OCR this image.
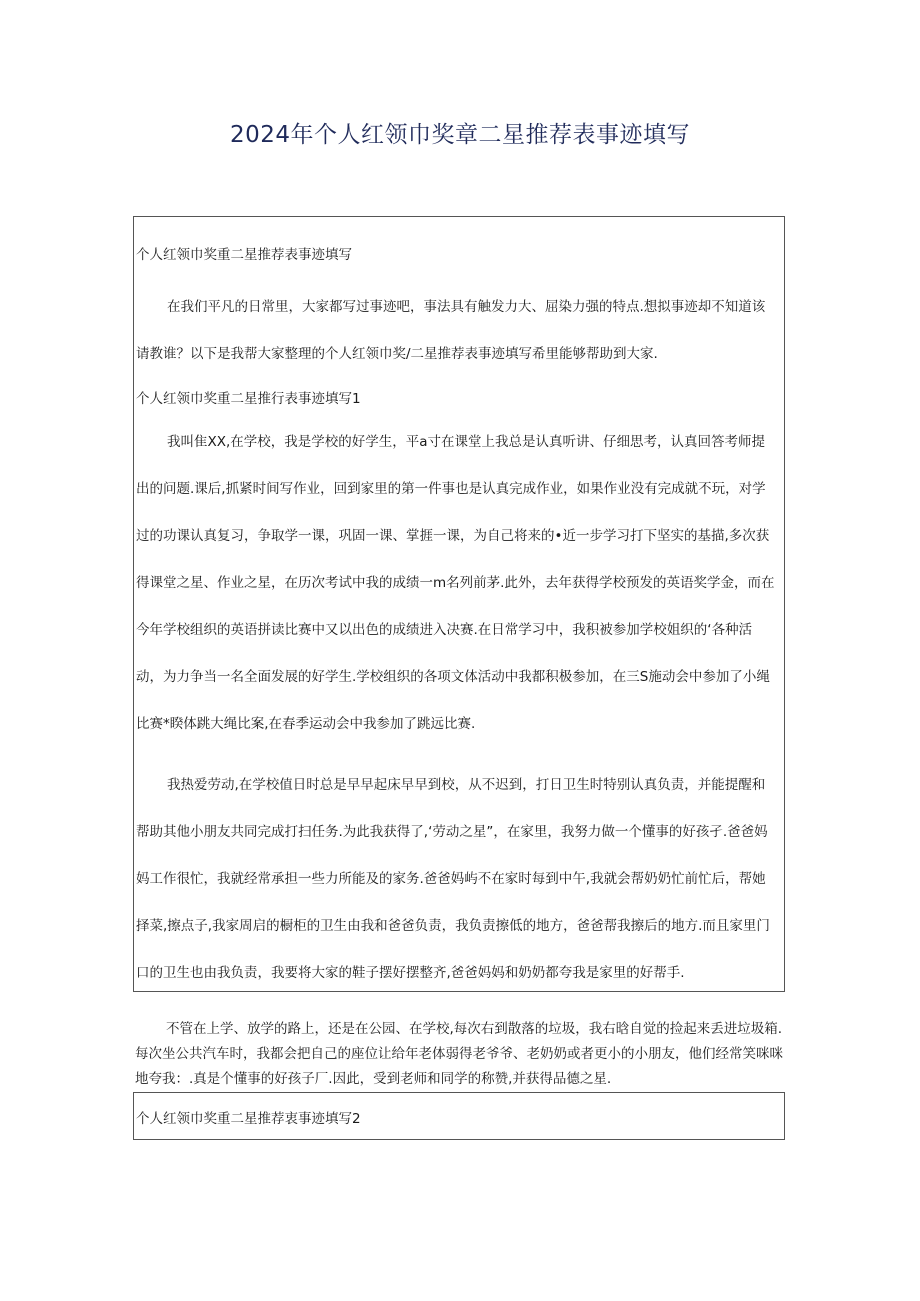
2024年个人红领巾奖章二星推荐表事迹填写
个人红领巾奖重二星推荐表事迹填写
在我们平凡的日常里，大家都写过事迹吧，事法具有触发力大、屈染力强的特点.想拟事迹却不知道该请教谁？以下是我帮大家整理的个人红领巾奖/二星推荐表事迹填写希里能够帮助到大家.
个人红领巾奖重二星推行表事迹填写1
我叫隹XX,在学校，我是学校的好学生，平a寸在课堂上我总是认真听讲、仔细思考，认真回答考师提出的问题.课后,抓紧时间写作业，回到家里的第一件事也是认真完成作业，如果作业没有完成就不玩，对学过的功课认真复习，争取学一课，巩固一课、掌捱一课，为自己将来的•近一步学习打下坚实的基描,多次获得课堂之星、作业之星，在历次考试中我的成绩一m名列前茅.此外，去年获得学校预发的英语奖学金，而在今年学校组织的英语拼读比赛中又以出色的成绩进入决赛.在日常学习中，我积被参加学校姐织的‘各种活动，为力争当一名全面发展的好学生.学校组织的各项文体活动中我都积极参加，在三S施动会中参加了小绳比赛*睽体跳大绳比案,在春季运动会中我参加了跳远比赛.
我热爱劳动,在学校值日时总是早早起床早早到校，从不迟到，打日卫生时特别认真负责，并能提醒和帮助其他小朋友共同完成打扫任务.为此我获得了,‘劳动之星”，在家里，我努力做一个懂事的好孩孑.爸爸妈妈工作很忙，我就经常承担一些力所能及的家务.爸爸妈屿不在家时每到中午,我就会帮奶奶忙前忙后，帮她择菜,擦点子,我家周启的橱柜的卫生由我和爸爸负责，我负责擦低的地方，爸爸帮我擦后的地方.而且家里门口的卫生也由我负责，我要将大家的鞋子摆好摆整齐,爸爸妈妈和奶奶都夸我是家里的好帮手.
不管在上学、放学的路上，还是在公园、在学校,每次右到散落的垃圾，我右晗自觉的捡起来丢进垃圾箱.每次坐公共汽车时，我都会把自己的座位让给年老体弱得老爷爷、老奶奶或者更小的小朋友，他们经常笑咪咪地夸我：.真是个懂事的好孩子厂.因此，受到老师和同学的称赞,并获得品德之星.
个人红领巾奖重二星推荐衷事迹填写2
